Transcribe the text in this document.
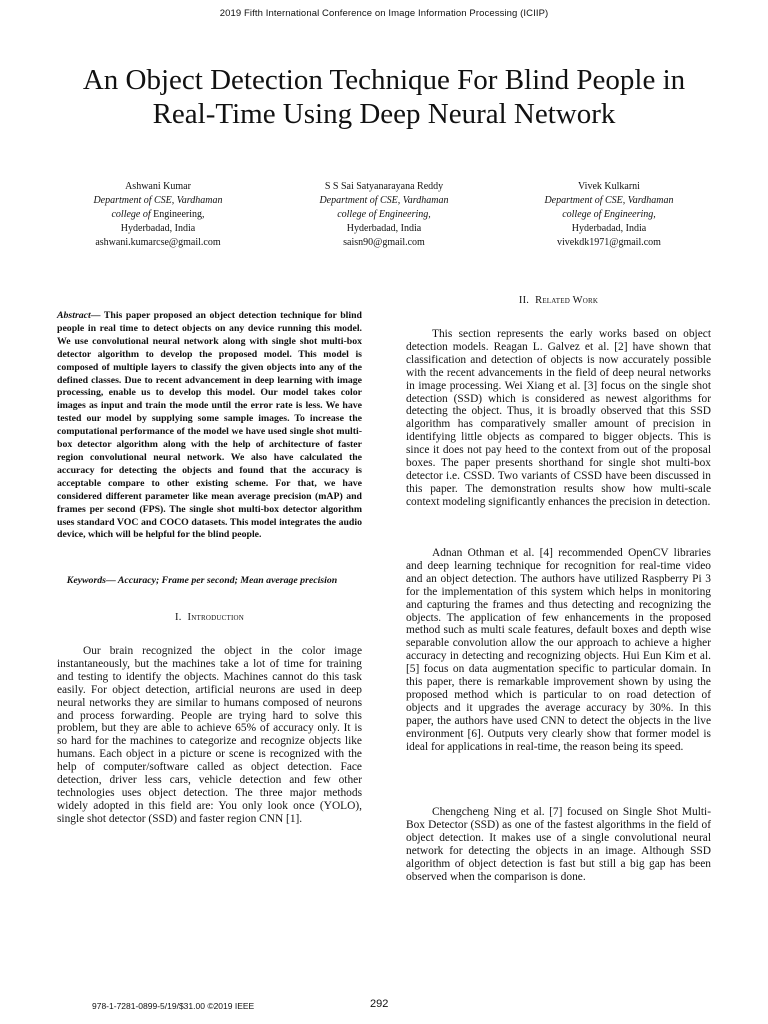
2019 Fifth International Conference on Image Information Processing (ICIIP)
An Object Detection Technique For Blind People in
Real-Time Using Deep Neural Network
Ashwani Kumar
Department of CSE, Vardhaman
college of Engineering,
Hyderbadad, India
ashwani.kumarcse@gmail.com
S S Sai Satyanarayana Reddy
Department of CSE, Vardhaman
college of Engineering,
Hyderbadad, India
saisn90@gmail.com
Vivek Kulkarni
Department of CSE, Vardhaman
college of Engineering,
Hyderbadad, India
vivekdk1971@gmail.com

Abstract— This paper proposed an object detection technique for blind people in real time to detect objects on any device running this model. We use convolutional neural network along with single shot multi-box detector algorithm to develop the proposed model. This model is composed of multiple layers to classify the given objects into any of the defined classes. Due to recent advancement in deep learning with image processing, enable us to develop this model. Our model takes color images as input and train the mode until the error rate is less. We have tested our model by supplying some sample images. To increase the computational performance of the model we have used single shot multi-box detector algorithm along with the help of architecture of faster region convolutional neural network. We also have calculated the accuracy for detecting the objects and found that the accuracy is acceptable compare to other existing scheme. For that, we have considered different parameter like mean average precision (mAP) and frames per second (FPS). The single shot multi-box detector algorithm uses standard VOC and COCO datasets. This model integrates the audio device, which will be helpful for the blind people.

Keywords— Accuracy; Frame per second; Mean average precision

I. Introduction

Our brain recognized the object in the color image instantaneously, but the machines take a lot of time for training and testing to identify the objects. Machines cannot do this task easily. For object detection, artificial neurons are used in deep neural networks they are similar to humans composed of neurons and process forwarding. People are trying hard to solve this problem, but they are able to achieve 65% of accuracy only. It is so hard for the machines to categorize and recognize objects like humans. Each object in a picture or scene is recognized with the help of computer/software called as object detection. Face detection, driver less cars, vehicle detection and few other technologies uses object detection. The three major methods widely adopted in this field are: You only look once (YOLO), single shot detector (SSD) and faster region CNN [1].

II. Related Work

This section represents the early works based on object detection models. Reagan L. Galvez et al. [2] have shown that classification and detection of objects is now accurately possible with the recent advancements in the field of deep neural networks in image processing. Wei Xiang et al. [3] focus on the single shot detection (SSD) which is considered as newest algorithms for detecting the object. Thus, it is broadly observed that this SSD algorithm has comparatively smaller amount of precision in identifying little objects as compared to bigger objects. This is since it does not pay heed to the context from out of the proposal boxes. The paper presents shorthand for single shot multi-box detector i.e. CSSD. Two variants of CSSD have been discussed in this paper. The demonstration results show how multi-scale context modeling significantly enhances the precision in detection.

Adnan Othman et al. [4] recommended OpenCV libraries and deep learning technique for recognition for real-time video and an object detection. The authors have utilized Raspberry Pi 3 for the implementation of this system which helps in monitoring and capturing the frames and thus detecting and recognizing the objects. The application of few enhancements in the proposed method such as multi scale features, default boxes and depth wise separable convolution allow the our approach to achieve a higher accuracy in detecting and recognizing objects. Hui Eun Kim et al. [5] focus on data augmentation specific to particular domain. In this paper, there is remarkable improvement shown by using the proposed method which is particular to on road detection of objects and it upgrades the average accuracy by 30%. In this paper, the authors have used CNN to detect the objects in the live environment [6]. Outputs very clearly show that former model is ideal for applications in real-time, the reason being its speed.

Chengcheng Ning et al. [7] focused on Single Shot Multi-Box Detector (SSD) as one of the fastest algorithms in the field of object detection. It makes use of a single convolutional neural network for detecting the objects in an image. Although SSD algorithm of object detection is fast but still a big gap has been observed when the comparison is done.

978-1-7281-0899-5/19/$31.00 ©2019 IEEE	292
